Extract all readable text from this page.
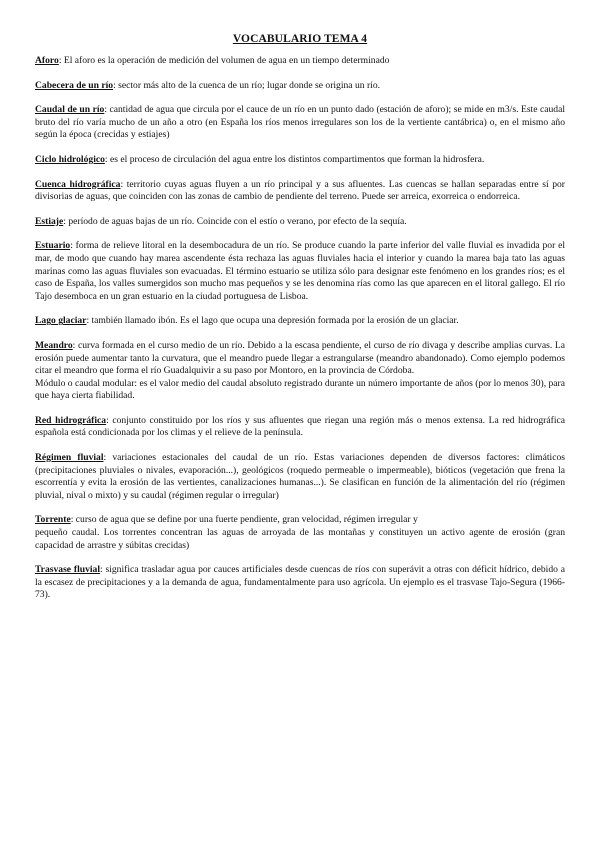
VOCABULARIO TEMA 4

Aforo: El aforo es la operación de medición del volumen de agua en un tiempo determinado

Cabecera de un río: sector más alto de la cuenca de un río; lugar donde se origina un río.

Caudal de un río: cantidad de agua que circula por el cauce de un río en un punto dado (estación de aforo); se mide en m3/s. Este caudal bruto del río varía mucho de un año a otro (en España los ríos menos irregulares son los de la vertiente cantábrica) o, en el mismo año según la época (crecidas y estiajes)

Ciclo hidrológico: es el proceso de circulación del agua entre los distintos compartimentos que forman la hidrosfera.

Cuenca hidrográfica: territorio cuyas aguas fluyen a un río principal y a sus afluentes. Las cuencas se hallan separadas entre sí por divisorias de aguas, que coinciden con las zonas de cambio de pendiente del terreno. Puede ser arreica, exorreica o endorreica.

Estiaje: período de aguas bajas de un río. Coincide con el estío o verano, por efecto de la sequía.

Estuario: forma de relieve litoral en la desembocadura de un río. Se produce cuando la parte inferior del valle fluvial es invadida por el mar, de modo que cuando hay marea ascendente ésta rechaza las aguas fluviales hacia el interior y cuando la marea baja tato las aguas marinas como las aguas fluviales son evacuadas. El término estuario se utiliza sólo para designar este fenómeno en los grandes ríos; es el caso de España, los valles sumergidos son mucho mas pequeños y se les denomina rías como las que aparecen en el litoral gallego. El río Tajo desemboca en un gran estuario en la ciudad portuguesa de Lisboa.

Lago glaciar: también llamado ibón. Es el lago que ocupa una depresión formada por la erosión de un glaciar.

Meandro: curva formada en el curso medio de un río. Debido a la escasa pendiente, el curso de río divaga y describe amplias curvas. La erosión puede aumentar tanto la curvatura, que el meandro puede llegar a estrangularse (meandro abandonado). Como ejemplo podemos citar el meandro que forma el río Guadalquivir a su paso por Montoro, en la provincia de Córdoba.
Módulo o caudal modular: es el valor medio del caudal absoluto registrado durante un número importante de años (por lo menos 30), para que haya cierta fiabilidad.

Red hidrográfica: conjunto constituido por los ríos y sus afluentes que riegan una región más o menos extensa. La red hidrográfica española está condicionada por los climas y el relieve de la península.

Régimen fluvial: variaciones estacionales del caudal de un río. Estas variaciones dependen de diversos factores: climáticos (precipitaciones pluviales o nivales, evaporación...), geológicos (roquedo permeable o impermeable), bióticos (vegetación que frena la escorrentía y evita la erosión de las vertientes, canalizaciones humanas...). Se clasifican en función de la alimentación del río (régimen pluvial, nival o mixto) y su caudal (régimen regular o irregular)

Torrente: curso de agua que se define por una fuerte pendiente, gran velocidad, régimen irregular y
pequeño caudal. Los torrentes concentran las aguas de arroyada de las montañas y constituyen un activo agente de erosión (gran capacidad de arrastre y súbitas crecidas)

Trasvase fluvial: significa trasladar agua por cauces artificiales desde cuencas de ríos con superávit a otras con déficit hídrico, debido a la escasez de precipitaciones y a la demanda de agua, fundamentalmente para uso agrícola. Un ejemplo es el trasvase Tajo-Segura (1966-73).
